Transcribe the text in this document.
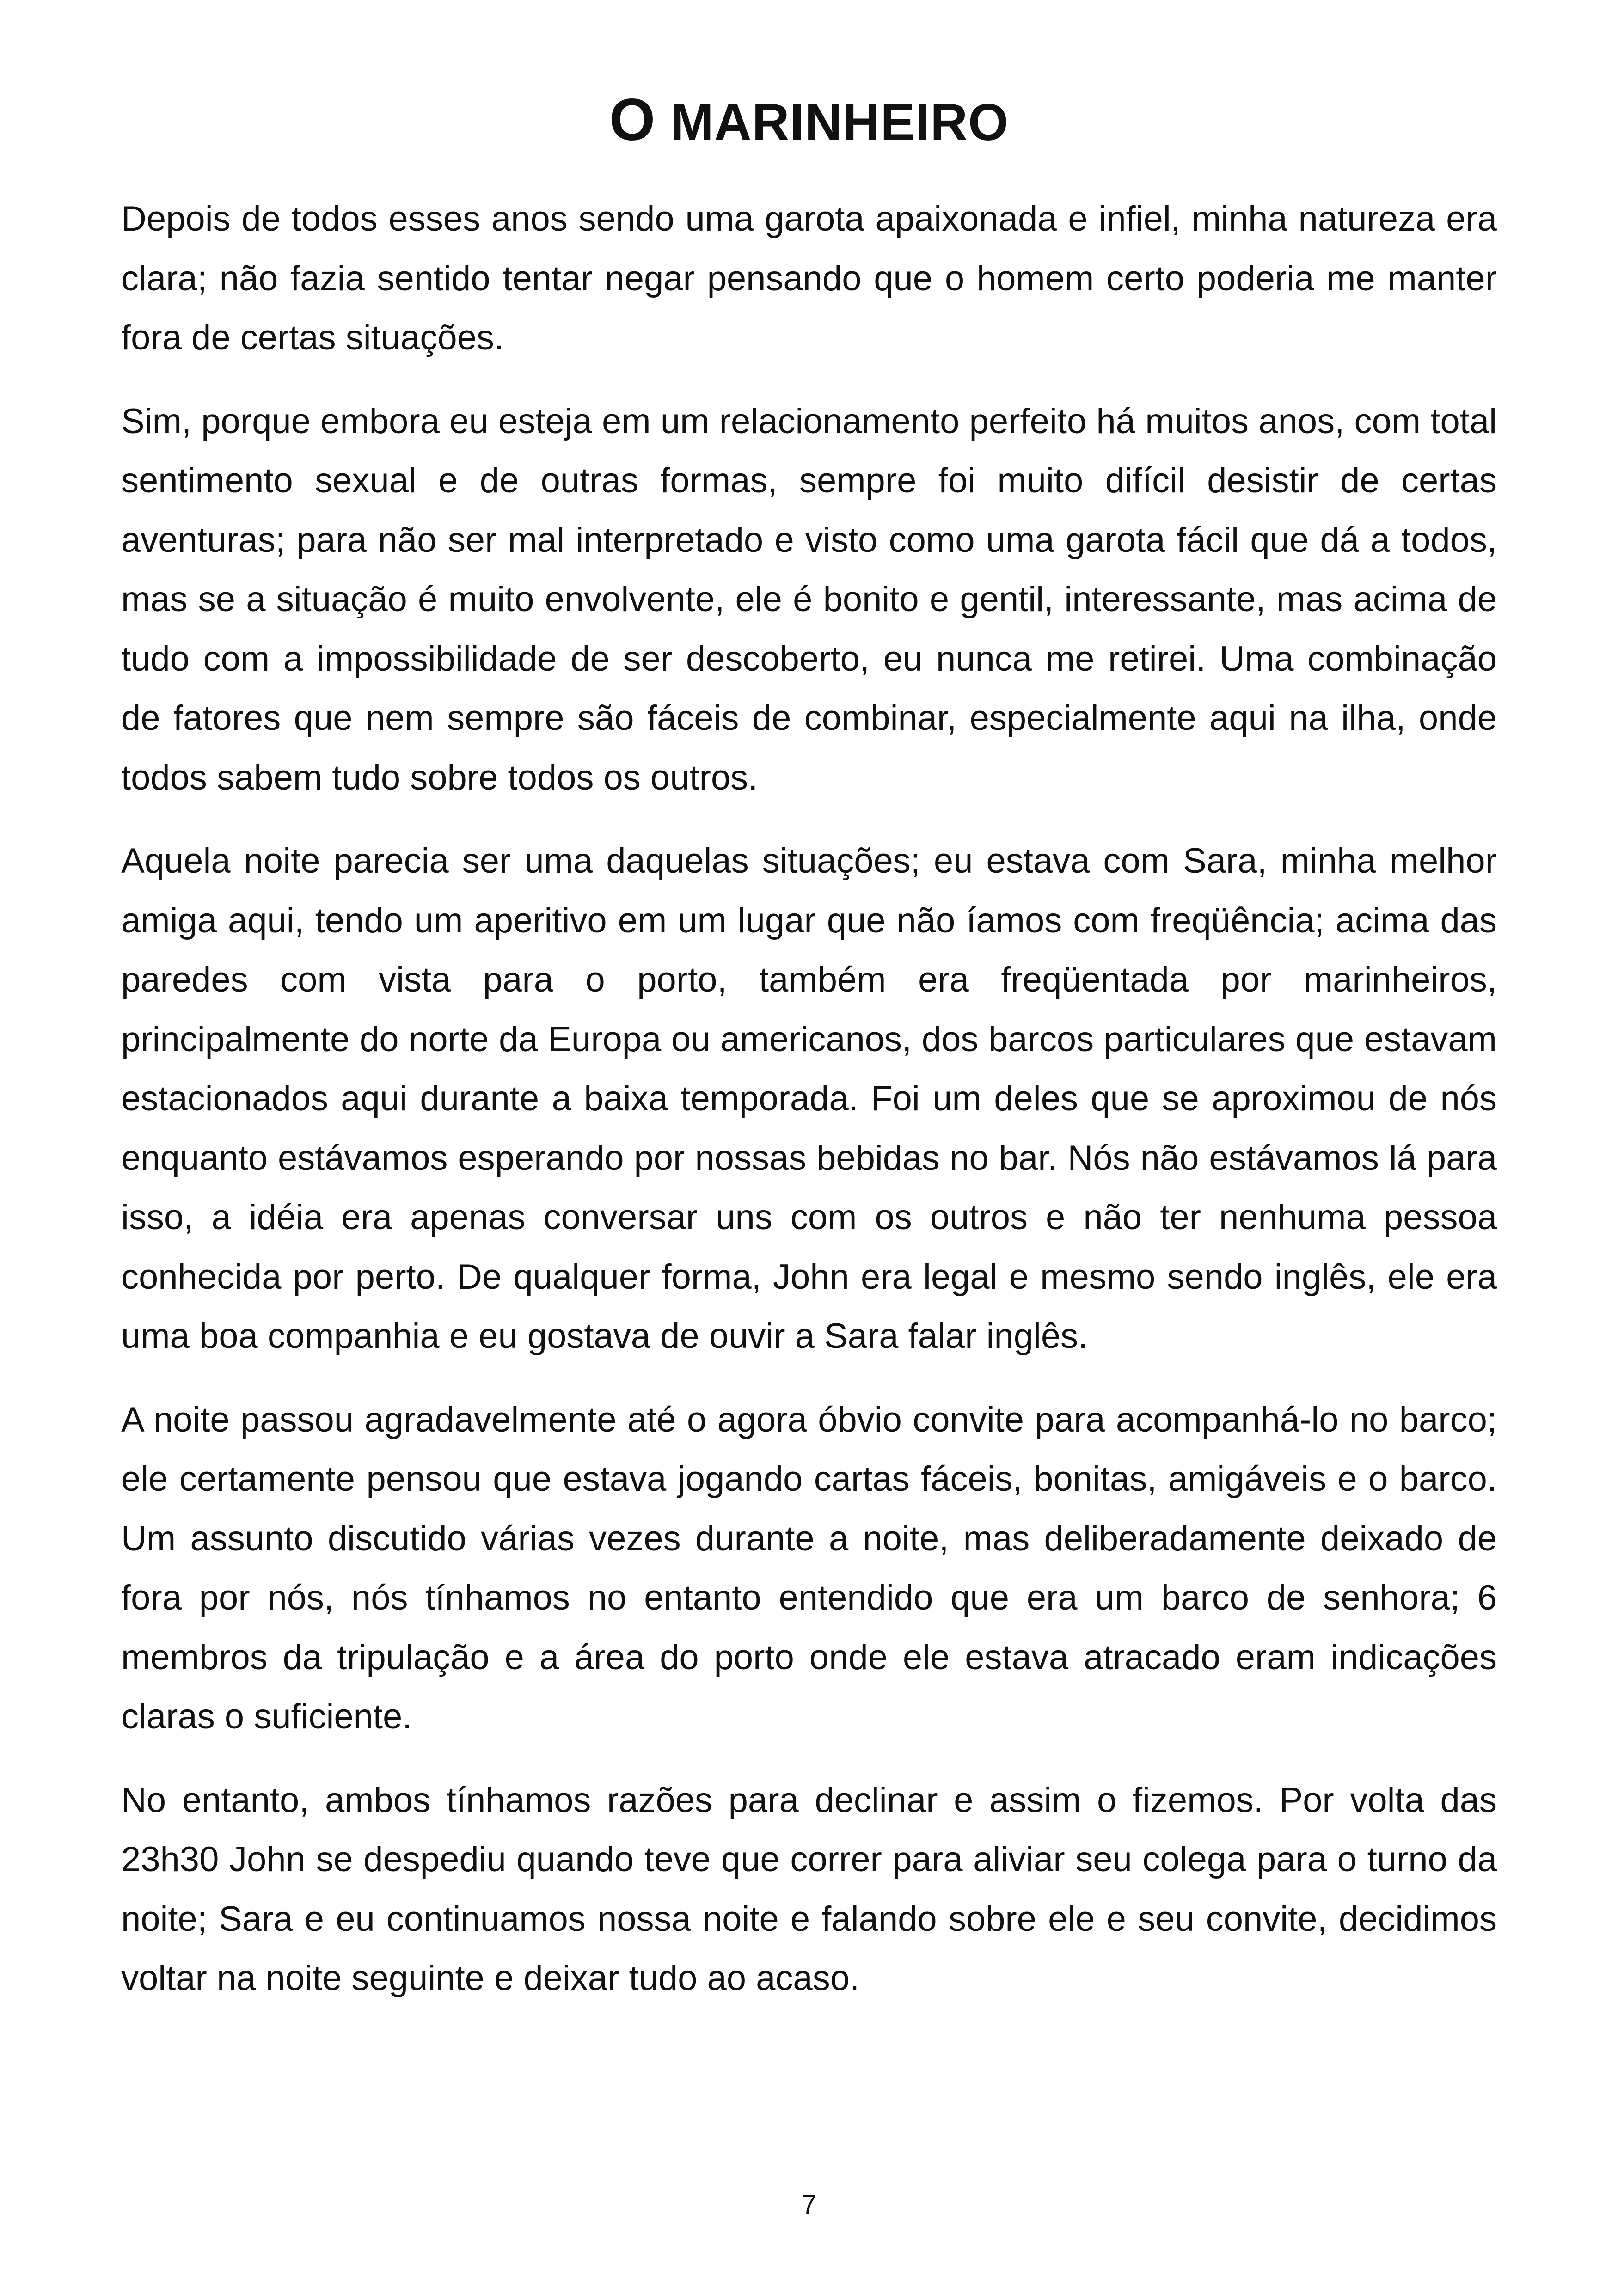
O MARINHEIRO

Depois de todos esses anos sendo uma garota apaixonada e infiel, minha natureza era clara; não fazia sentido tentar negar pensando que o homem certo poderia me manter fora de certas situações.

Sim, porque embora eu esteja em um relacionamento perfeito há muitos anos, com total sentimento sexual e de outras formas, sempre foi muito difícil desistir de certas aventuras; para não ser mal interpretado e visto como uma garota fácil que dá a todos, mas se a situação é muito envolvente, ele é bonito e gentil, interessante, mas acima de tudo com a impossibilidade de ser descoberto, eu nunca me retirei. Uma combinação de fatores que nem sempre são fáceis de combinar, especialmente aqui na ilha, onde todos sabem tudo sobre todos os outros.

Aquela noite parecia ser uma daquelas situações; eu estava com Sara, minha melhor amiga aqui, tendo um aperitivo em um lugar que não íamos com freqüência; acima das paredes com vista para o porto, também era freqüentada por marinheiros, principalmente do norte da Europa ou americanos, dos barcos particulares que estavam estacionados aqui durante a baixa temporada. Foi um deles que se aproximou de nós enquanto estávamos esperando por nossas bebidas no bar. Nós não estávamos lá para isso, a idéia era apenas conversar uns com os outros e não ter nenhuma pessoa conhecida por perto. De qualquer forma, John era legal e mesmo sendo inglês, ele era uma boa companhia e eu gostava de ouvir a Sara falar inglês.

A noite passou agradavelmente até o agora óbvio convite para acompanhá-lo no barco; ele certamente pensou que estava jogando cartas fáceis, bonitas, amigáveis e o barco. Um assunto discutido várias vezes durante a noite, mas deliberadamente deixado de fora por nós, nós tínhamos no entanto entendido que era um barco de senhora; 6 membros da tripulação e a área do porto onde ele estava atracado eram indicações claras o suficiente.

No entanto, ambos tínhamos razões para declinar e assim o fizemos. Por volta das 23h30 John se despediu quando teve que correr para aliviar seu colega para o turno da noite; Sara e eu continuamos nossa noite e falando sobre ele e seu convite, decidimos voltar na noite seguinte e deixar tudo ao acaso.

7
